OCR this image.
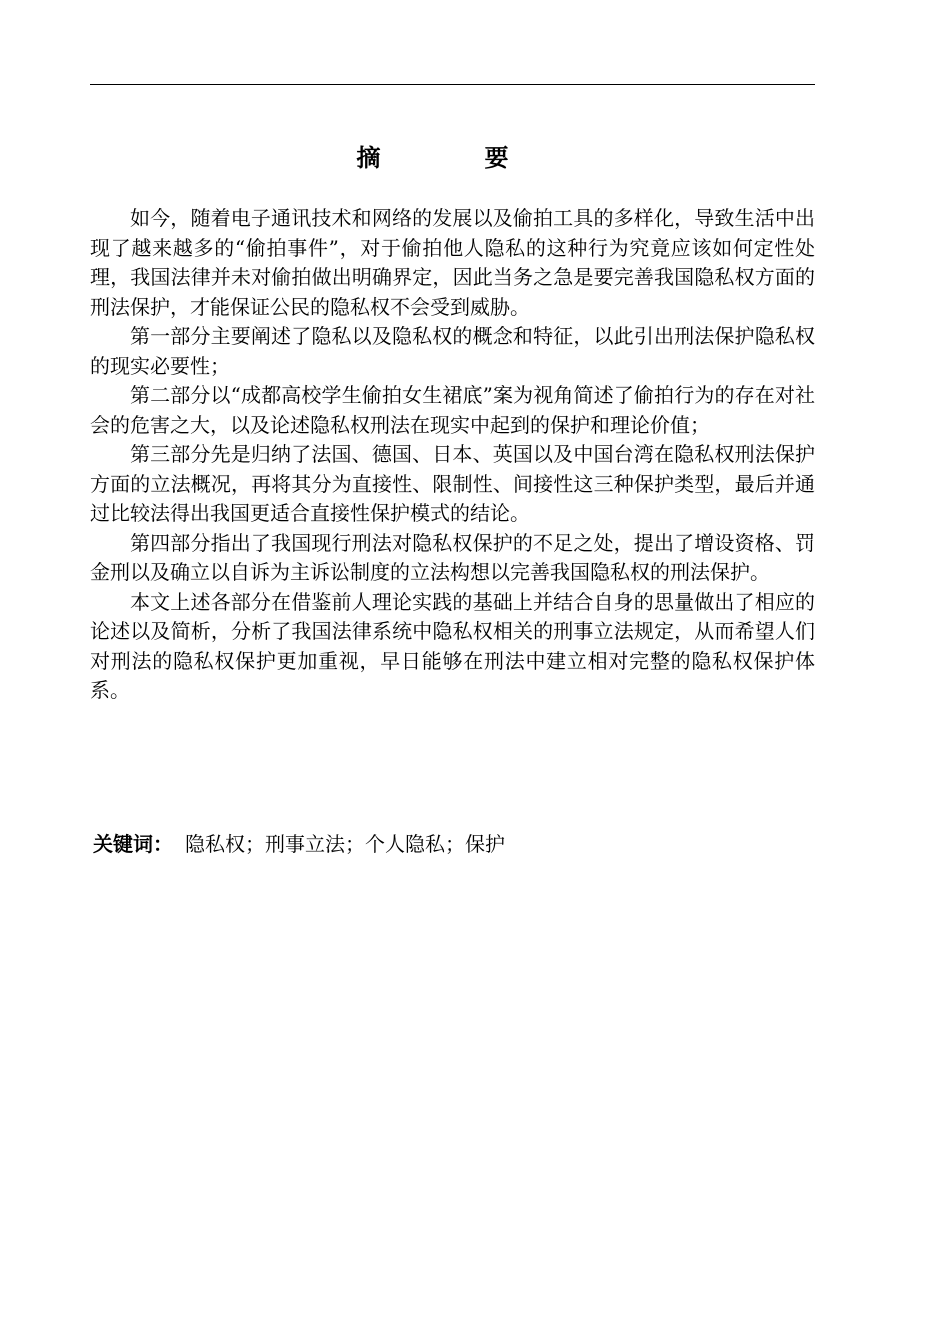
摘　要

如今，随着电子通讯技术和网络的发展以及偷拍工具的多样化，导致生活中出现了越来越多的“偷拍事件”，对于偷拍他人隐私的这种行为究竟应该如何定性处理，我国法律并未对偷拍做出明确界定，因此当务之急是要完善我国隐私权方面的刑法保护，才能保证公民的隐私权不会受到威胁。

第一部分主要阐述了隐私以及隐私权的概念和特征，以此引出刑法保护隐私权的现实必要性；

第二部分以“成都高校学生偷拍女生裙底”案为视角简述了偷拍行为的存在对社会的危害之大，以及论述隐私权刑法在现实中起到的保护和理论价值；

第三部分先是归纳了法国、德国、日本、英国以及中国台湾在隐私权刑法保护方面的立法概况，再将其分为直接性、限制性、间接性这三种保护类型，最后并通过比较法得出我国更适合直接性保护模式的结论。

第四部分指出了我国现行刑法对隐私权保护的不足之处，提出了增设资格、罚金刑以及确立以自诉为主诉讼制度的立法构想以完善我国隐私权的刑法保护。

本文上述各部分在借鉴前人理论实践的基础上并结合自身的思量做出了相应的论述以及简析，分析了我国法律系统中隐私权相关的刑事立法规定，从而希望人们对刑法的隐私权保护更加重视，早日能够在刑法中建立相对完整的隐私权保护体系。

关键词： 隐私权；刑事立法；个人隐私；保护
